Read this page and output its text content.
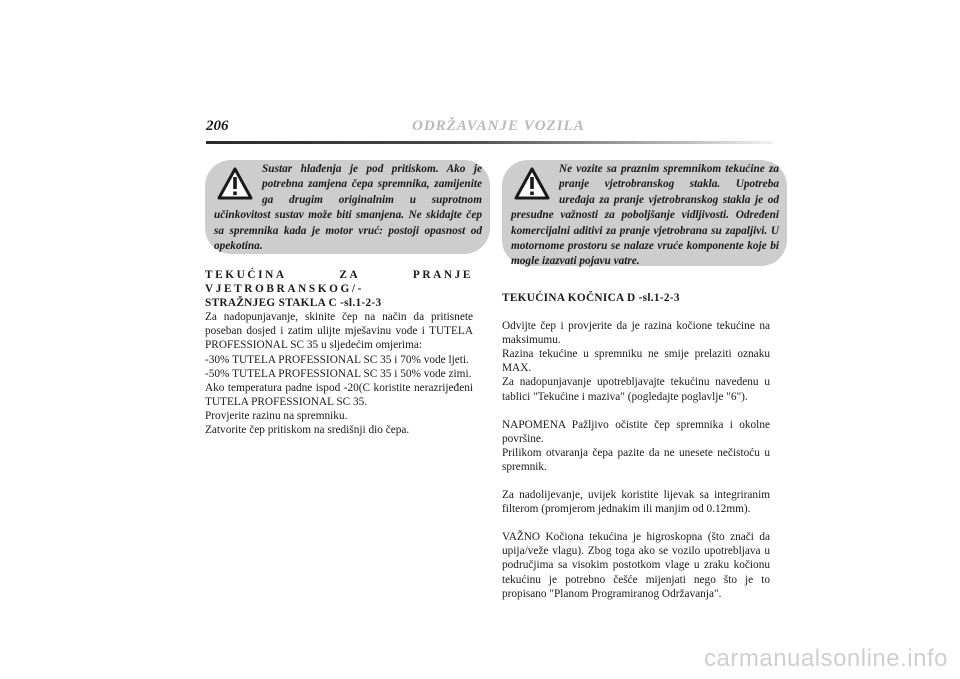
206	ODRŽAVANJE VOZILA

Sustar hlađenja je pod pritiskom. Ako je potrebna zamjena čepa spremnika, zamijenite ga drugim originalnim u suprotnom učinkovitost sustav može biti smanjena. Ne skidajte čep sa spremnika kada je motor vruć: postoji opasnost od opekotina.

Ne vozite sa praznim spremnikom tekućine za pranje vjetrobranskog stakla. Upotreba uređaja za pranje vjetrobranskog stakla je od presudne važnosti za poboljšanje vidljivosti. Određeni komercijalni aditivi za pranje vjetrobrana su zapaljivi. U motornome prostoru se nalaze vruće komponente koje bi mogle izazvati pojavu vatre.

TEKUĆINA ZA PRANJE VJETROBRANSKOG/-

STRAŽNJEG STAKLA C -sl.1-2-3

Za nadopunjavanje, skinite čep na način da pritisnete poseban dosjed i zatim ulijte mješavinu vode i TUTELA PROFESSIONAL SC 35 u sljedećim omjerima:

-30% TUTELA PROFESSIONAL SC 35 i 70% vode ljeti.

-50% TUTELA PROFESSIONAL SC 35 i 50% vode zimi.

Ako temperatura padne ispod -20(C koristite nerazrijeđeni TUTELA PROFESSIONAL SC 35.

Provjerite razinu na spremniku.

Zatvorite čep pritiskom na središnji dio čepa.

TEKUĆINA KOČNICA D -sl.1-2-3

Odvijte čep i provjerite da je razina kočione tekućine na maksimumu.

Razina tekućine u spremniku ne smije prelaziti oznaku MAX.

Za nadopunjavanje upotrebljavajte tekućinu navedenu u tablici "Tekućine i maziva" (pogledajte poglavlje "6").

NAPOMENA Pažljivo očistite čep spremnika i okolne površine.

Prilikom otvaranja čepa pazite da ne unesete nečistoću u spremnik.

Za nadolijevanje, uvijek koristite lijevak sa integriranim filterom (promjerom jednakim ili manjim od 0.12mm).

VAŽNO Kočiona tekućina je higroskopna (što znači da upija/veže vlagu). Zbog toga ako se vozilo upotrebljava u područjima sa visokim postotkom vlage u zraku kočionu tekućinu je potrebno češće mijenjati nego što je to propisano "Planom Programiranog Održavanja".

carmanualsonline.info
